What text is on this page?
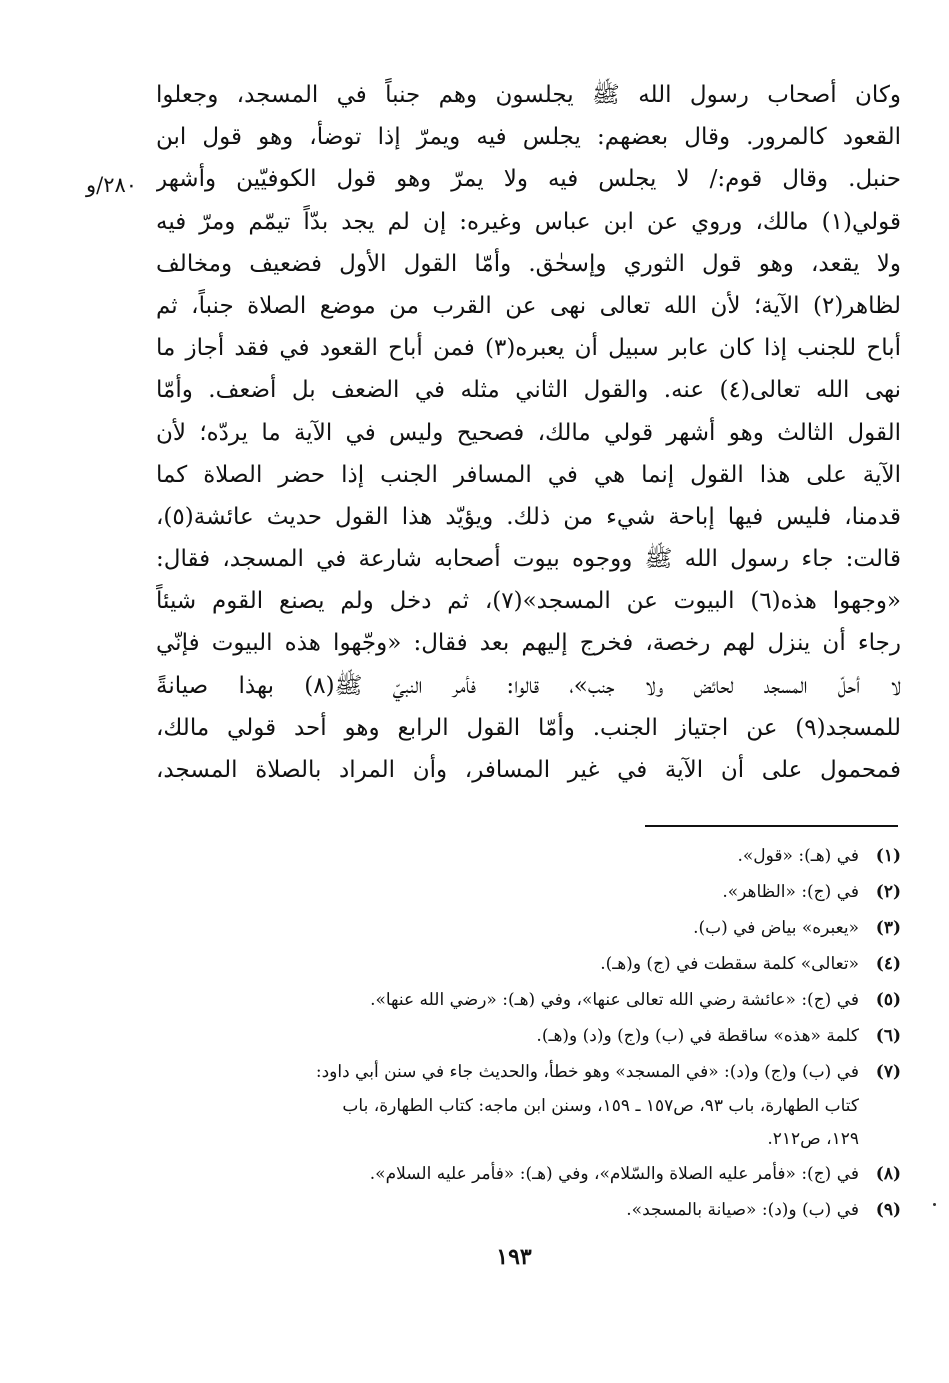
٢٨٠/و
وكان أصحاب رسول الله ﷺ يجلسون وهم جنباً في المسجد، وجعلوا
القعود كالمرور. وقال بعضهم: يجلس فيه ويمرّ إذا توضأ، وهو قول ابن
حنبل. وقال قوم:/ لا يجلس فيه ولا يمرّ وهو قول الكوفيّين وأشهر
قولي(١) مالك، وروي عن ابن عباس وغيره: إن لم يجد بدّاً تيمّم ومرّ فيه
ولا يقعد، وهو قول الثوري وإسحٰق. وأمّا القول الأول فضعيف ومخالف
لظاهر(٢) الآية؛ لأن الله تعالى نهى عن القرب من موضع الصلاة جنباً، ثم
أباح للجنب إذا كان عابر سبيل أن يعبره(٣) فمن أباح القعود في فقد أجاز ما
نهى الله تعالى(٤) عنه. والقول الثاني مثله في الضعف بل أضعف. وأمّا
القول الثالث وهو أشهر قولي مالك، فصحيح وليس في الآية ما يردّه؛ لأن
الآية على هذا القول إنما هي في المسافر الجنب إذا حضر الصلاة كما
قدمنا، فليس فيها إباحة شيء من ذلك. ويؤيّد هذا القول حديث عائشة(٥)،
قالت: جاء رسول الله ﷺ ووجوه بيوت أصحابه شارعة في المسجد، فقال:
«وجهوا هذه(٦) البيوت عن المسجد»(٧)، ثم دخل ولم يصنع القوم شيئاً
رجاء أن ينزل لهم رخصة، فخرج إليهم بعد فقال: «وجّهوا هذه البيوت فإنّي
لا أحلّ المسجد لحائض ولا جنب»، قالوا: فأمر النبيّ ﷺ(٨) بهذا صيانةً
للمسجد(٩) عن اجتياز الجنب. وأمّا القول الرابع وهو أحد قولي مالك،
فمحمول على أن الآية في غير المسافر، وأن المراد بالصلاة المسجد،
(١)
في (هـ): «قول».
(٢)
في (ج): «الظاهر».
(٣)
«يعبره» بياض في (ب).
(٤)
«تعالى» كلمة سقطت في (ج) و(هـ).
(٥)
في (ج): «عائشة رضي الله تعالى عنها»، وفي (هـ): «رضي الله عنها».
(٦)
كلمة «هذه» ساقطة في (ب) و(ج) و(د) و(هـ).
(٧)
في (ب) و(ج) و(د): «في المسجد» وهو خطأ، والحديث جاء في سنن أبي داود:
كتاب الطهارة، باب ٩٣، ص١٥٧ ـ ١٥٩، وسنن ابن ماجه: كتاب الطهارة، باب
١٢٩، ص٢١٢.
(٨)
في (ج): «فأمر عليه الصلاة والسّلام»، وفي (هـ): «فأمر عليه السلام».
(٩)
في (ب) و(د): «صيانة بالمسجد».
١٩٣
